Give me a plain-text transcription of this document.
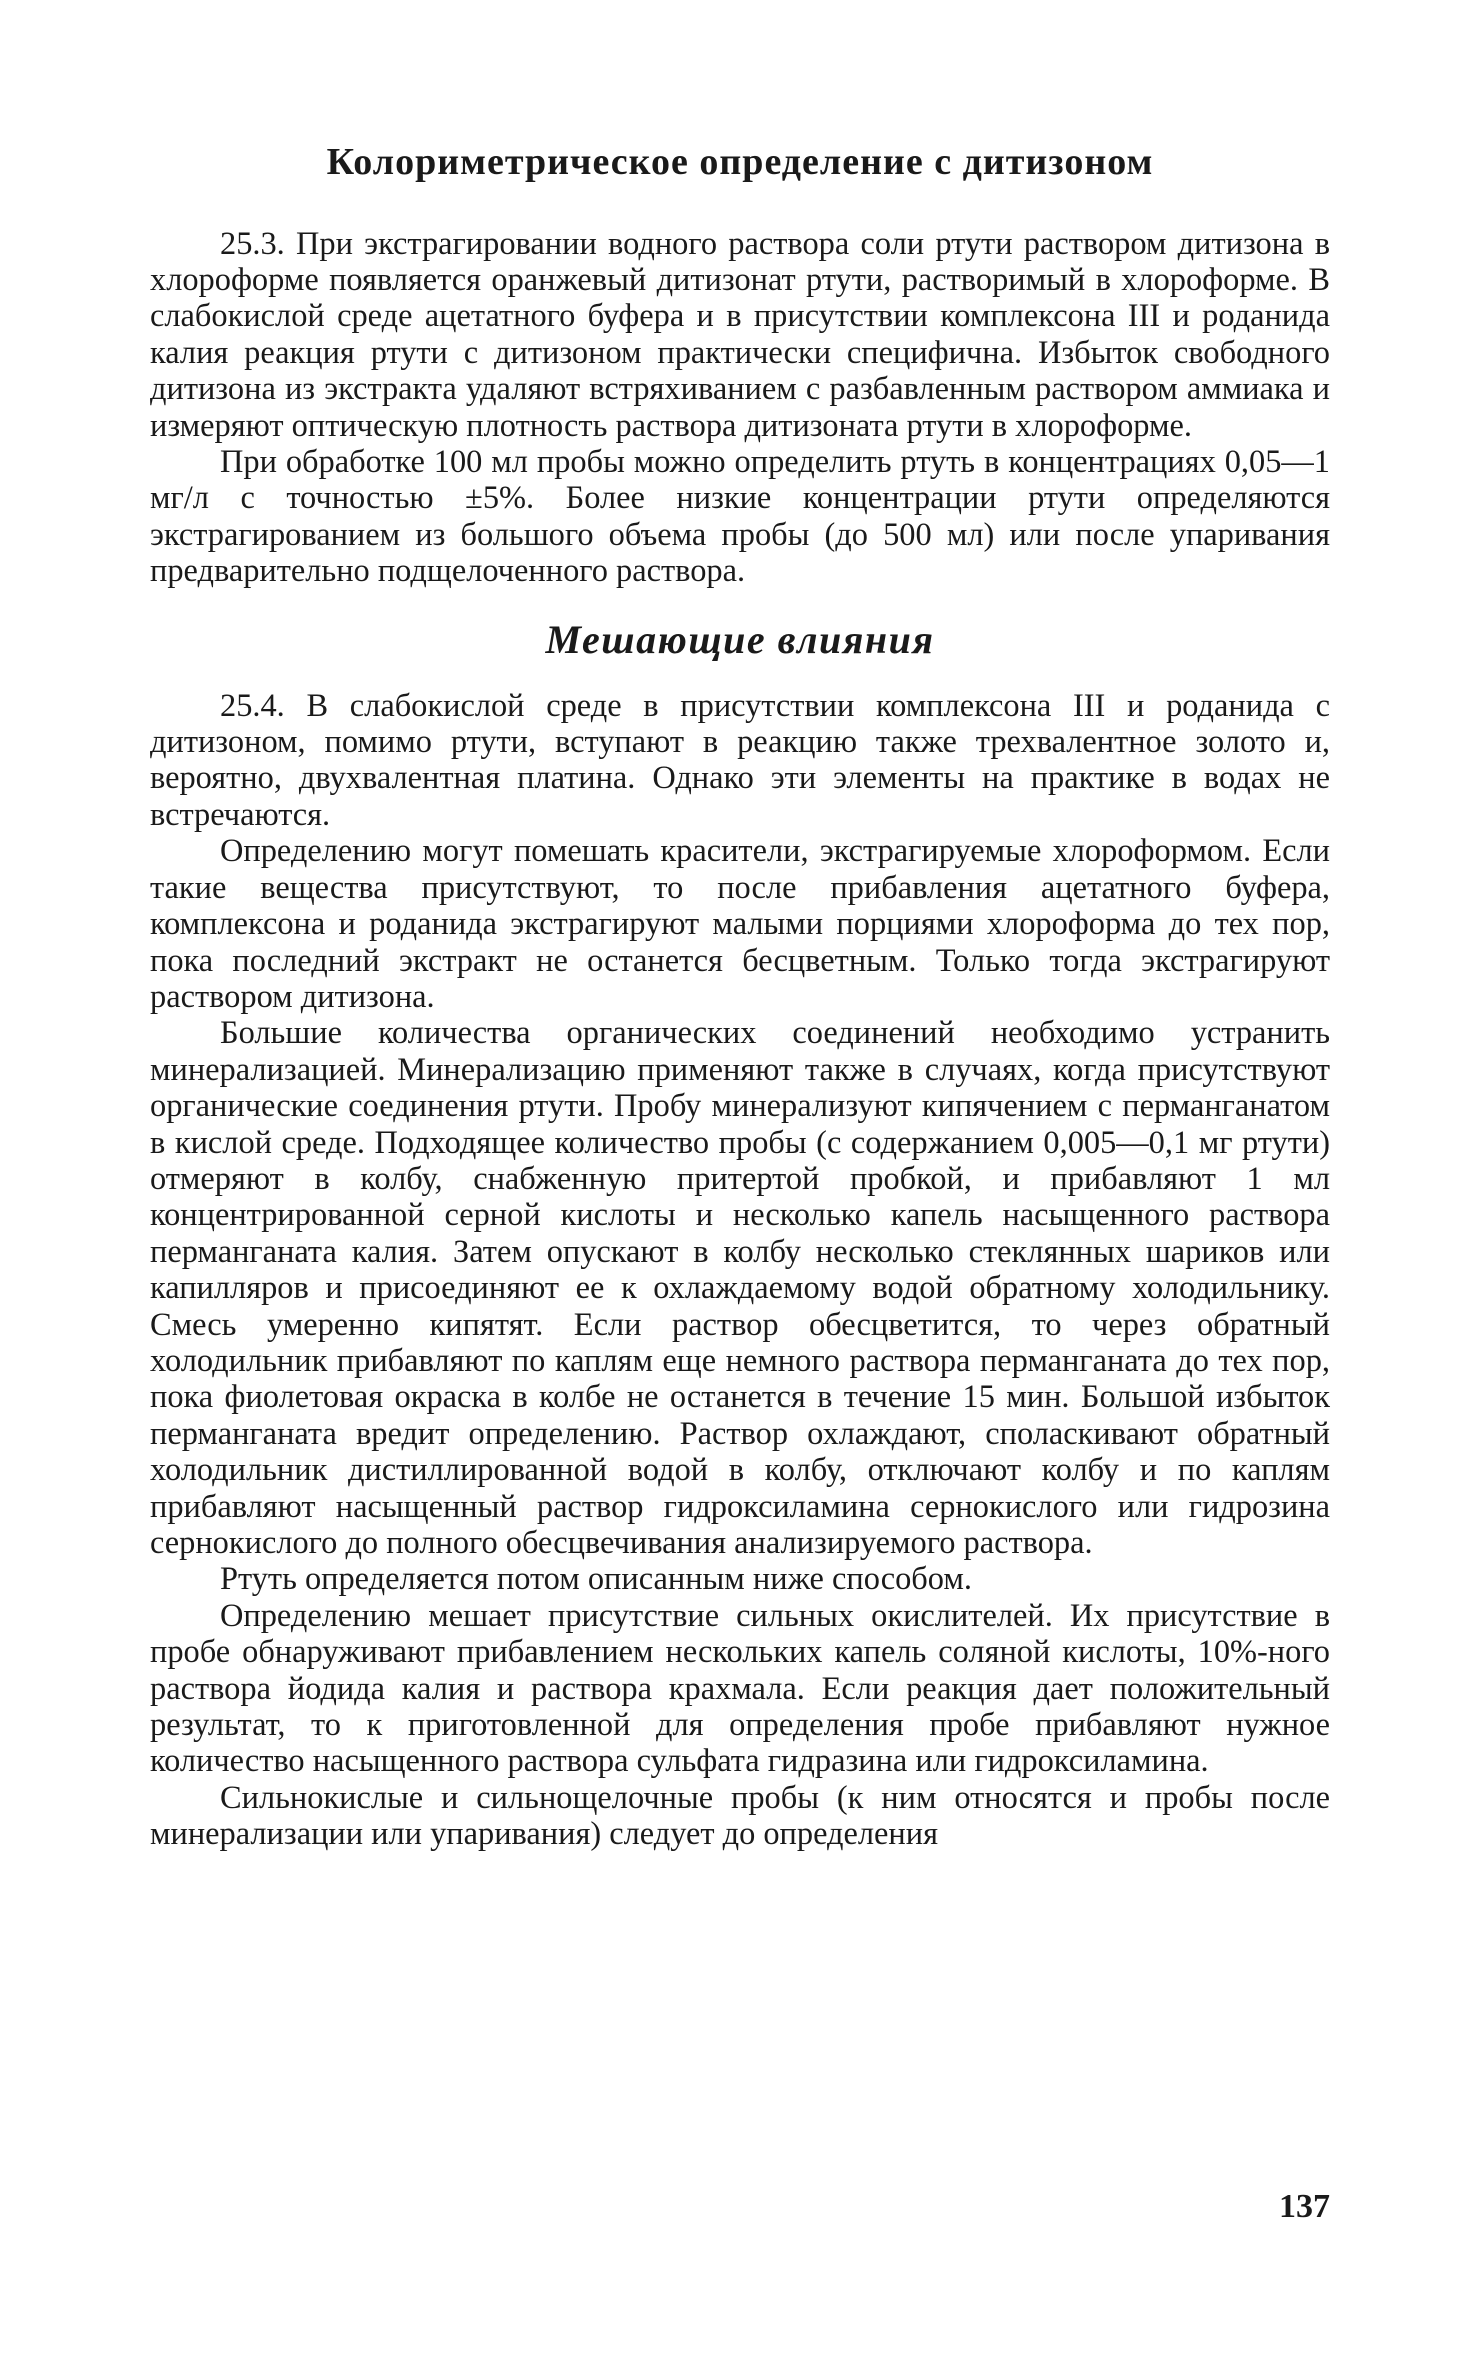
Колориметрическое определение с дитизоном

25.3. При экстрагировании водного раствора соли ртути раствором дитизона в хлороформе появляется оранжевый дитизонат ртути, растворимый в хлороформе. В слабокислой среде ацетатного буфера и в присутствии комплексона III и роданида калия реакция ртути с дитизоном практически специфична. Избыток свободного дитизона из экстракта удаляют встряхиванием с разбавленным раствором аммиака и измеряют оптическую плотность раствора дитизоната ртути в хлороформе.

При обработке 100 мл пробы можно определить ртуть в концентрациях 0,05—1 мг/л с точностью ±5%. Более низкие концентрации ртути определяются экстрагированием из большого объема пробы (до 500 мл) или после упаривания предварительно подщелоченного раствора.

Мешающие влияния

25.4. В слабокислой среде в присутствии комплексона III и роданида с дитизоном, помимо ртути, вступают в реакцию также трехвалентное золото и, вероятно, двухвалентная платина. Однако эти элементы на практике в водах не встречаются.

Определению могут помешать красители, экстрагируемые хлороформом. Если такие вещества присутствуют, то после прибавления ацетатного буфера, комплексона и роданида экстрагируют малыми порциями хлороформа до тех пор, пока последний экстракт не останется бесцветным. Только тогда экстрагируют раствором дитизона.

Большие количества органических соединений необходимо устранить минерализацией. Минерализацию применяют также в случаях, когда присутствуют органические соединения ртути. Пробу минерализуют кипячением с перманганатом в кислой среде. Подходящее количество пробы (с содержанием 0,005—0,1 мг ртути) отмеряют в колбу, снабженную притертой пробкой, и прибавляют 1 мл концентрированной серной кислоты и несколько капель насыщенного раствора перманганата калия. Затем опускают в колбу несколько стеклянных шариков или капилляров и присоединяют ее к охлаждаемому водой обратному холодильнику. Смесь умеренно кипятят. Если раствор обесцветится, то через обратный холодильник прибавляют по каплям еще немного раствора перманганата до тех пор, пока фиолетовая окраска в колбе не останется в течение 15 мин. Большой избыток перманганата вредит определению. Раствор охлаждают, споласкивают обратный холодильник дистиллированной водой в колбу, отключают колбу и по каплям прибавляют насыщенный раствор гидроксиламина сернокислого или гидрозина сернокислого до полного обесцвечивания анализируемого раствора.

Ртуть определяется потом описанным ниже способом.

Определению мешает присутствие сильных окислителей. Их присутствие в пробе обнаруживают прибавлением нескольких капель соляной кислоты, 10%-ного раствора йодида калия и раствора крахмала. Если реакция дает положительный результат, то к приготовленной для определения пробе прибавляют нужное количество насыщенного раствора сульфата гидразина или гидроксиламина.

Сильнокислые и сильнощелочные пробы (к ним относятся и пробы после минерализации или упаривания) следует до определения

137
